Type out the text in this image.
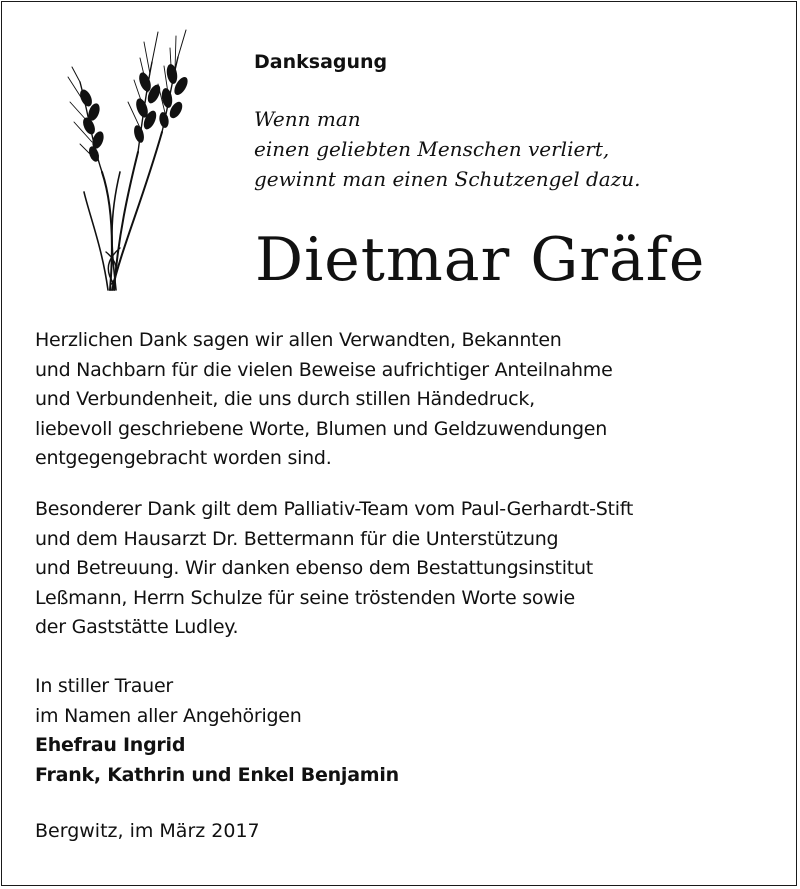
Danksagung
Wenn man
einen geliebten Menschen verliert,
gewinnt man einen Schutzengel dazu.
Dietmar Gräfe
Herzlichen Dank sagen wir allen Verwandten, Bekannten
und Nachbarn für die vielen Beweise aufrichtiger Anteilnahme
und Verbundenheit, die uns durch stillen Händedruck,
liebevoll geschriebene Worte, Blumen und Geldzuwendungen
entgegengebracht worden sind.
Besonderer Dank gilt dem Palliativ-Team vom Paul-Gerhardt-Stift
und dem Hausarzt Dr. Bettermann für die Unterstützung
und Betreuung. Wir danken ebenso dem Bestattungsinstitut
Leßmann, Herrn Schulze für seine tröstenden Worte sowie
der Gaststätte Ludley.
In stiller Trauer
im Namen aller Angehörigen
Ehefrau Ingrid
Frank, Kathrin und Enkel Benjamin
Bergwitz, im März 2017
